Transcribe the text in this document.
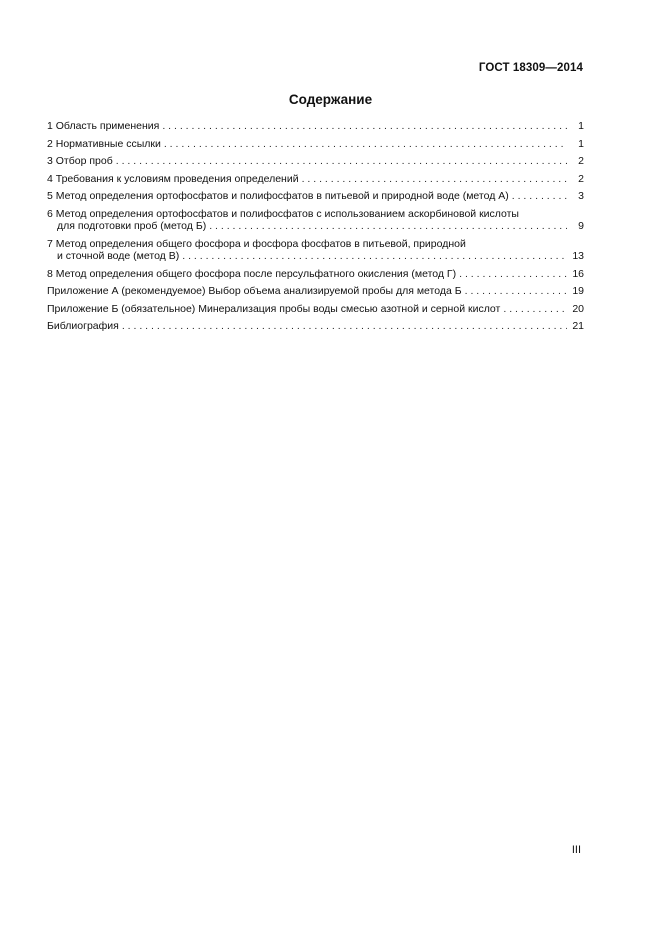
ГОСТ 18309—2014
Содержание
1 Область применения . . .	1
2 Нормативные ссылки . . .	1
3 Отбор проб . . .	2
4 Требования к условиям проведения определений . . .	2
5 Метод определения ортофосфатов и полифосфатов в питьевой и природной воде (метод А) . . .	3
6 Метод определения ортофосфатов и полифосфатов с использованием аскорбиновой кислоты
для подготовки проб (метод Б) . . .	9
7 Метод определения общего фосфора и фосфора фосфатов в питьевой, природной
и сточной воде (метод В) . . .	13
8 Метод определения общего фосфора после персульфатного окисления (метод Г) . . .	16
Приложение А (рекомендуемое) Выбор объема анализируемой пробы для метода Б . . .	19
Приложение Б (обязательное) Минерализация пробы воды смесью азотной и серной кислот . . .	20
Библиография . . .	21
III
